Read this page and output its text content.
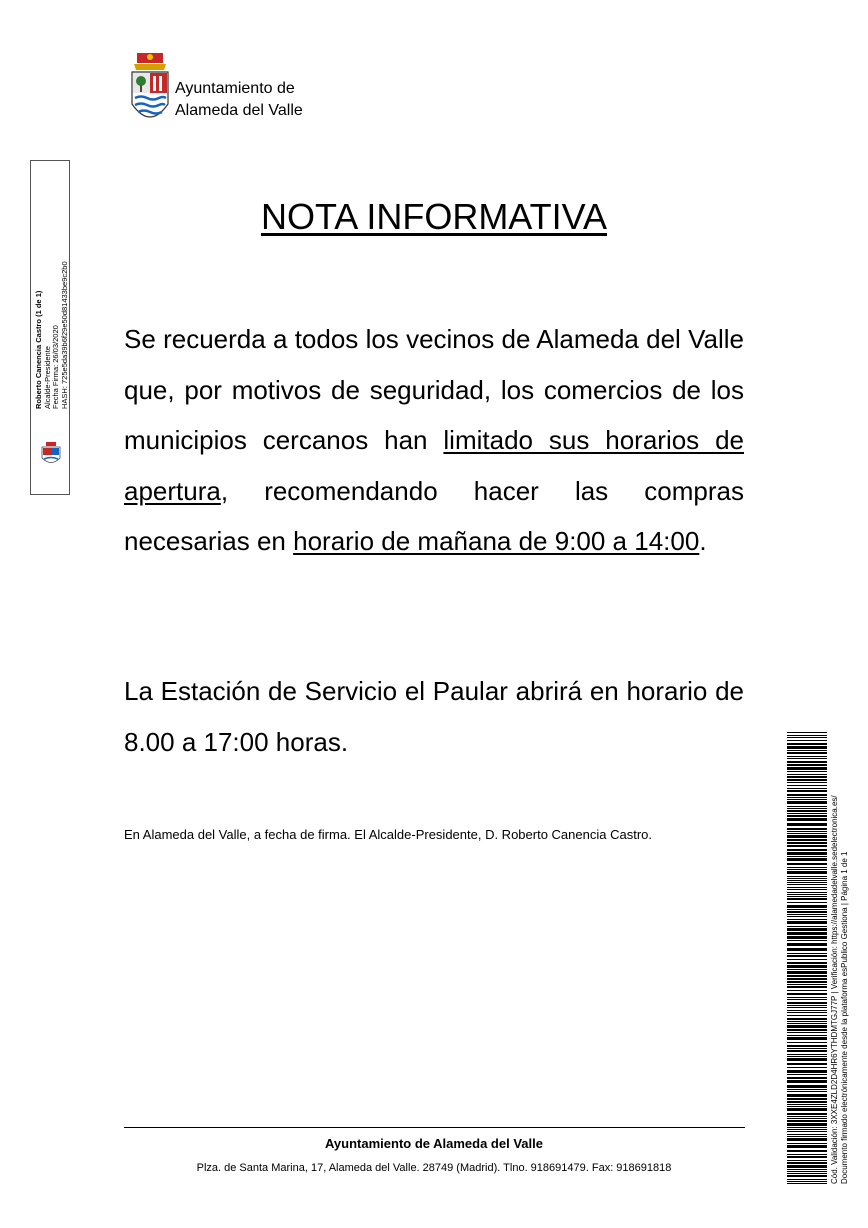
Ayuntamiento de
Alameda del Valle
Roberto Canencia Castro (1 de 1) Alcalde-Presidente Fecha Firma: 26/03/2020 HASH: 725e5da39b6f29e50d81433be9c2b0
NOTA INFORMATIVA
Se recuerda a todos los vecinos de Alameda del Valle que, por motivos de seguridad, los comercios de los municipios cercanos han limitado sus horarios de apertura, recomendando hacer las compras necesarias en horario de mañana de 9:00 a 14:00.
La Estación de Servicio el Paular abrirá en horario de 8.00 a 17:00 horas.
En Alameda del Valle, a fecha de firma. El Alcalde-Presidente, D. Roberto Canencia Castro.
Ayuntamiento de Alameda del Valle
Plza. de Santa Marina, 17, Alameda del Valle. 28749 (Madrid). Tlno. 918691479. Fax: 918691818	Cód. Validación: 3XXE4ZLD2D4HR6YTHDMTGJ77P | Verificación: https://alamedadelvalle.sedelectronica.es/ Documento firmado electrónicamente desde la plataforma esPublico Gestiona | Página 1 de 1
